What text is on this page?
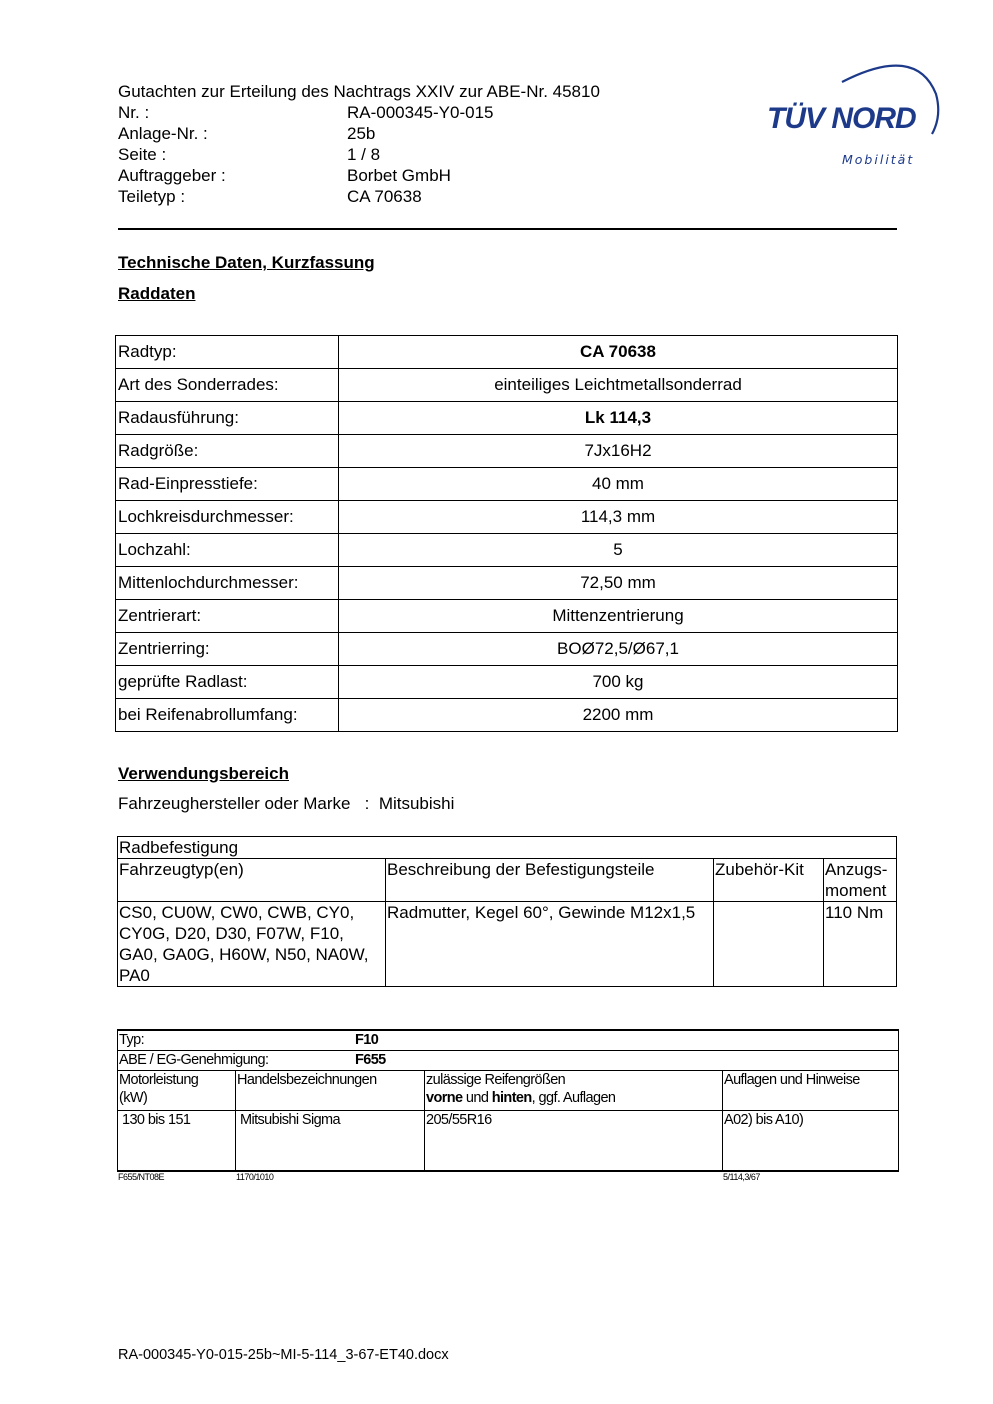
Gutachten zur Erteilung des Nachtrags XXIV zur ABE-Nr. 45810
Nr. :	RA-000345-Y0-015
Anlage-Nr. :	25b
Seite :	1 / 8
Auftraggeber :	Borbet GmbH
Teiletyp :	CA 70638
TÜV NORD
Mobilität
Technische Daten, Kurzfassung
Raddaten
Radtyp:	CA 70638
Art des Sonderrades:	einteiliges Leichtmetallsonderrad
Radausführung:	Lk 114,3
Radgröße:	7Jx16H2
Rad-Einpresstiefe:	40 mm
Lochkreisdurchmesser:	114,3 mm
Lochzahl:	5
Mittenlochdurchmesser:	72,50 mm
Zentrierart:	Mittenzentrierung
Zentrierring:	BOØ72,5/Ø67,1
geprüfte Radlast:	700 kg
bei Reifenabrollumfang:	2200 mm
Verwendungsbereich
Fahrzeughersteller oder Marke : Mitsubishi
Radbefestigung			
Fahrzeugtyp(en)	Beschreibung der Befestigungsteile	Zubehör-Kit	Anzugs-
moment
CS0, CU0W, CW0, CWB, CY0, CY0G, D20, D30, F07W, F10, GA0, GA0G, H60W, N50, NA0W, PA0	Radmutter, Kegel 60°, Gewinde M12x1,5		110 Nm
Typ: F10			
ABE / EG-Genehmigung: F655			
Motorleistung
(kW)	Handelsbezeichnungen	zulässige Reifengrößen
vorne und hinten, ggf. Auflagen	Auflagen und Hinweise
130 bis 151	Mitsubishi Sigma	205/55R16	A02) bis A10)
F655/NT08E	1170/1010	5/114,3/67
RA-000345-Y0-015-25b~MI-5-114_3-67-ET40.docx
